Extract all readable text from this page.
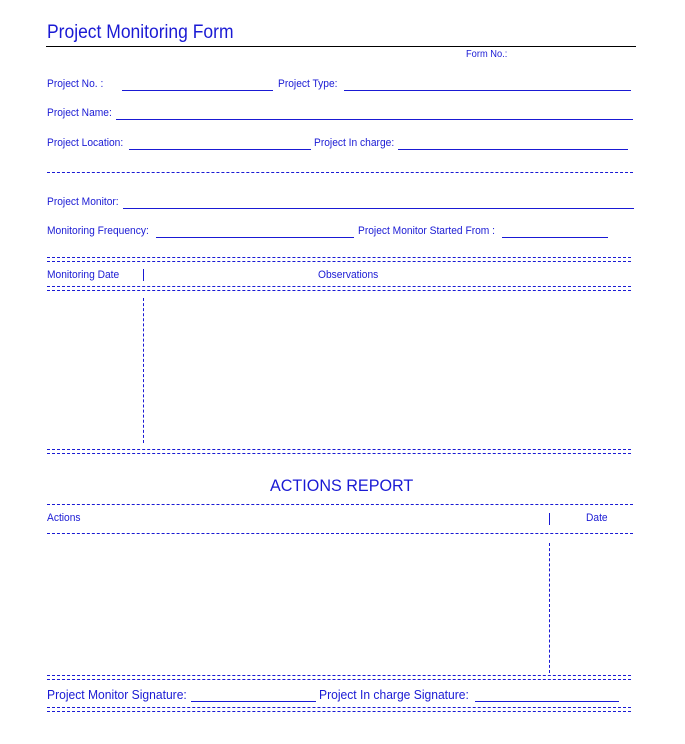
Project Monitoring Form
Form No.:
Project No. :	Project Type:
Project Name:
Project Location:	Project In charge:
Project Monitor:
Monitoring Frequency:	Project Monitor Started From :
Monitoring Date	Observations
ACTIONS REPORT
Actions	Date
Project Monitor Signature:	Project In charge Signature:
